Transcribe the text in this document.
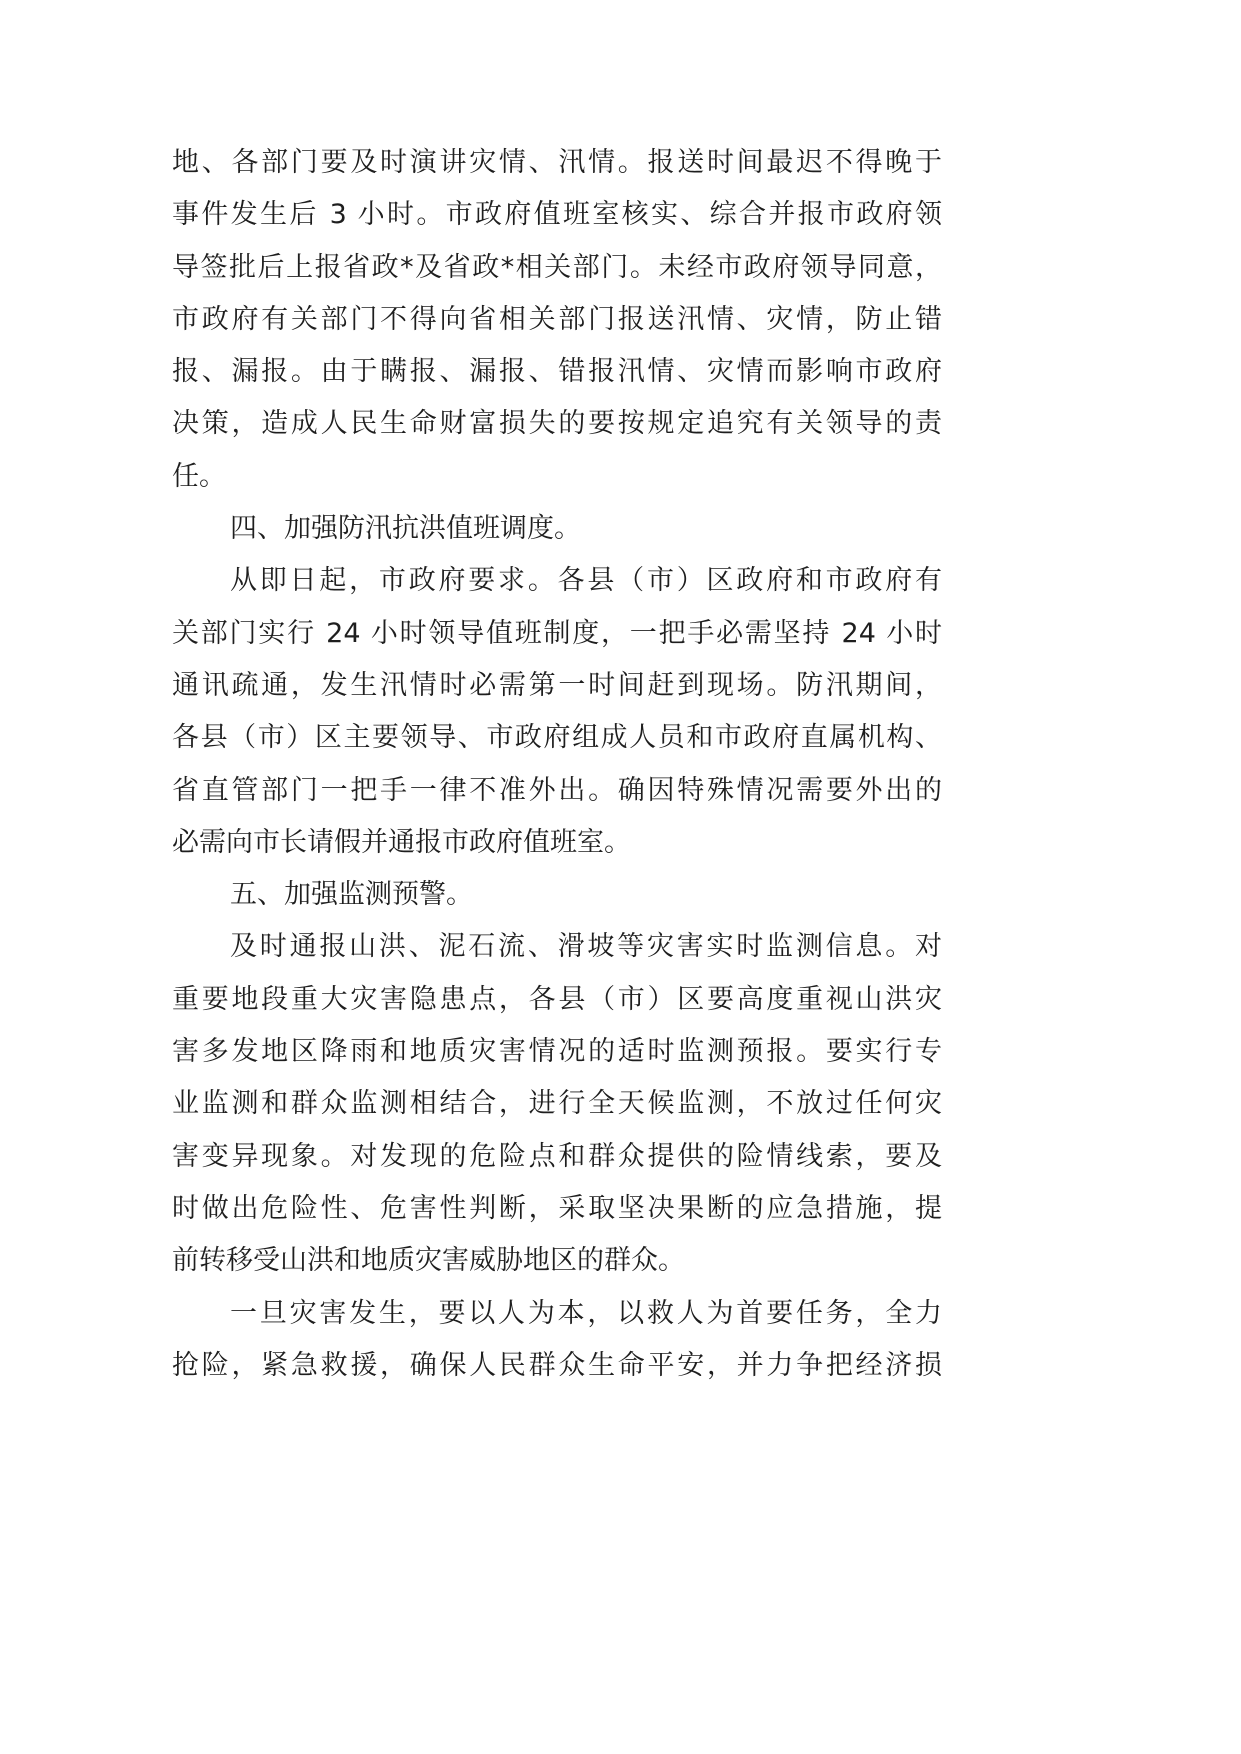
地、各部门要及时演讲灾情、汛情。报送时间最迟不得晚于
事件发生后 3 小时。市政府值班室核实、综合并报市政府领
导签批后上报省政*及省政*相关部门。未经市政府领导同意，
市政府有关部门不得向省相关部门报送汛情、灾情，防止错
报、漏报。由于瞒报、漏报、错报汛情、灾情而影响市政府
决策，造成人民生命财富损失的要按规定追究有关领导的责
任。
四、加强防汛抗洪值班调度。
从即日起，市政府要求。各县（市）区政府和市政府有
关部门实行 24 小时领导值班制度，一把手必需坚持 24 小时
通讯疏通，发生汛情时必需第一时间赶到现场。防汛期间，
各县（市）区主要领导、市政府组成人员和市政府直属机构、
省直管部门一把手一律不准外出。确因特殊情况需要外出的
必需向市长请假并通报市政府值班室。
五、加强监测预警。
及时通报山洪、泥石流、滑坡等灾害实时监测信息。对
重要地段重大灾害隐患点，各县（市）区要高度重视山洪灾
害多发地区降雨和地质灾害情况的适时监测预报。要实行专
业监测和群众监测相结合，进行全天候监测，不放过任何灾
害变异现象。对发现的危险点和群众提供的险情线索，要及
时做出危险性、危害性判断，采取坚决果断的应急措施，提
前转移受山洪和地质灾害威胁地区的群众。
一旦灾害发生，要以人为本，以救人为首要任务，全力
抢险，紧急救援，确保人民群众生命平安，并力争把经济损
